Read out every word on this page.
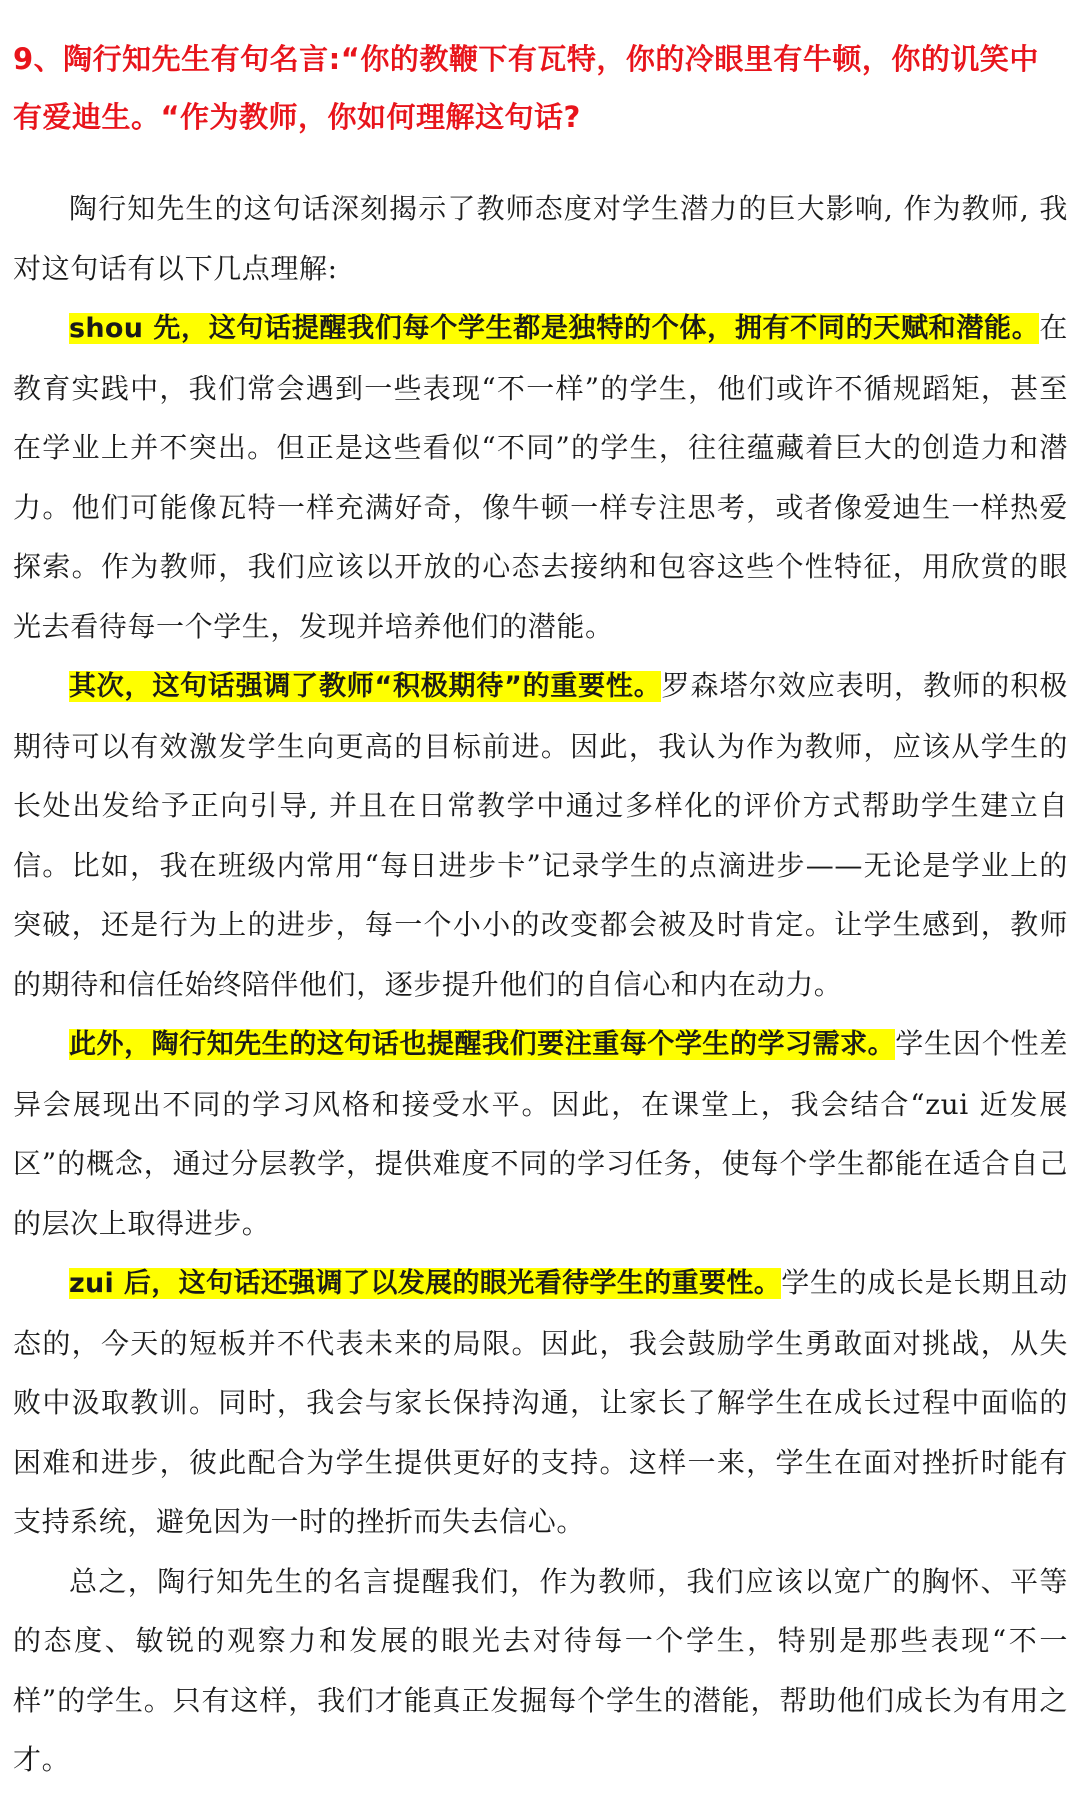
9、陶行知先生有句名言:“你的教鞭下有瓦特，你的冷眼里有牛顿，你的讥笑中有爱迪生。“作为教师，你如何理解这句话?

陶行知先生的这句话深刻揭示了教师态度对学生潜力的巨大影响, 作为教师, 我对这句话有以下几点理解:

shou 先，这句话提醒我们每个学生都是独特的个体，拥有不同的天赋和潜能。在教育实践中，我们常会遇到一些表现“不一样”的学生，他们或许不循规蹈矩，甚至在学业上并不突出。但正是这些看似“不同”的学生，往往蕴藏着巨大的创造力和潜力。他们可能像瓦特一样充满好奇，像牛顿一样专注思考，或者像爱迪生一样热爱探索。作为教师，我们应该以开放的心态去接纳和包容这些个性特征，用欣赏的眼光去看待每一个学生，发现并培养他们的潜能。

其次，这句话强调了教师“积极期待”的重要性。罗森塔尔效应表明，教师的积极期待可以有效激发学生向更高的目标前进。因此，我认为作为教师，应该从学生的长处出发给予正向引导, 并且在日常教学中通过多样化的评价方式帮助学生建立自信。比如，我在班级内常用“每日进步卡”记录学生的点滴进步——无论是学业上的突破，还是行为上的进步，每一个小小的改变都会被及时肯定。让学生感到，教师的期待和信任始终陪伴他们，逐步提升他们的自信心和内在动力。

此外，陶行知先生的这句话也提醒我们要注重每个学生的学习需求。学生因个性差异会展现出不同的学习风格和接受水平。因此，在课堂上，我会结合“zui 近发展区”的概念，通过分层教学，提供难度不同的学习任务，使每个学生都能在适合自己的层次上取得进步。

zui 后，这句话还强调了以发展的眼光看待学生的重要性。学生的成长是长期且动态的，今天的短板并不代表未来的局限。因此，我会鼓励学生勇敢面对挑战，从失败中汲取教训。同时，我会与家长保持沟通，让家长了解学生在成长过程中面临的困难和进步，彼此配合为学生提供更好的支持。这样一来，学生在面对挫折时能有支持系统，避免因为一时的挫折而失去信心。

总之，陶行知先生的名言提醒我们，作为教师，我们应该以宽广的胸怀、平等的态度、敏锐的观察力和发展的眼光去对待每一个学生，特别是那些表现“不一样”的学生。只有这样，我们才能真正发掘每个学生的潜能，帮助他们成长为有用之才。
